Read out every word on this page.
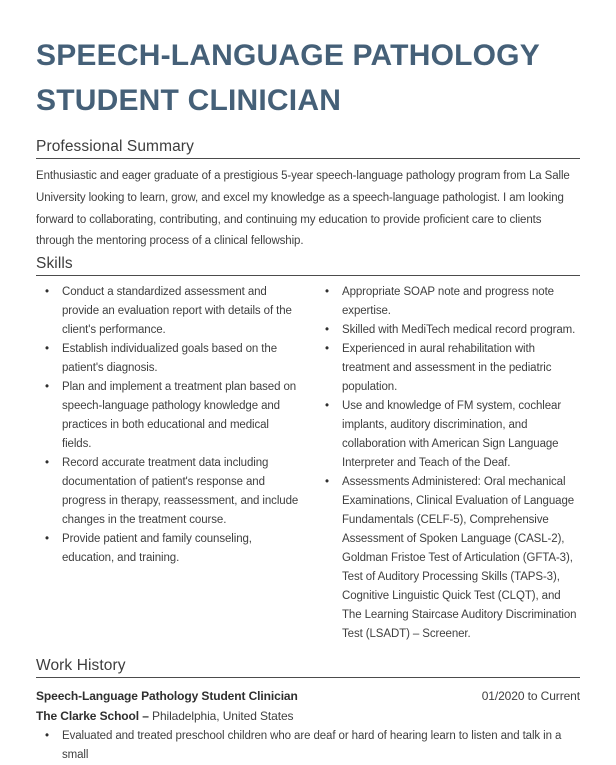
SPEECH-LANGUAGE PATHOLOGY STUDENT CLINICIAN
Professional Summary

Enthusiastic and eager graduate of a prestigious 5-year speech-language pathology program from La Salle University looking to learn, grow, and excel my knowledge as a speech-language pathologist. I am looking forward to collaborating, contributing, and continuing my education to provide proficient care to clients through the mentoring process of a clinical fellowship.

Skills
•	Conduct a standardized assessment and provide an evaluation report with details of the client's performance.
•	Establish individualized goals based on the patient's diagnosis.
•	Plan and implement a treatment plan based on speech-language pathology knowledge and practices in both educational and medical fields.
•	Record accurate treatment data including documentation of patient's response and progress in therapy, reassessment, and include changes in the treatment course.
•	Provide patient and family counseling, education, and training.
•	Appropriate SOAP note and progress note expertise.
•	Skilled with MediTech medical record program.
•	Experienced in aural rehabilitation with treatment and assessment in the pediatric population.
•	Use and knowledge of FM system, cochlear implants, auditory discrimination, and collaboration with American Sign Language Interpreter and Teach of the Deaf.
•	Assessments Administered: Oral mechanical Examinations, Clinical Evaluation of Language Fundamentals (CELF-5), Comprehensive Assessment of Spoken Language (CASL-2), Goldman Fristoe Test of Articulation (GFTA-3), Test of Auditory Processing Skills (TAPS-3), Cognitive Linguistic Quick Test (CLQT), and The Learning Staircase Auditory Discrimination Test (LSADT) – Screener.
Work History
Speech-Language Pathology Student Clinician	01/2020 to Current
The Clarke School – Philadelphia, United States
•	Evaluated and treated preschool children who are deaf or hard of hearing learn to listen and talk in a small
